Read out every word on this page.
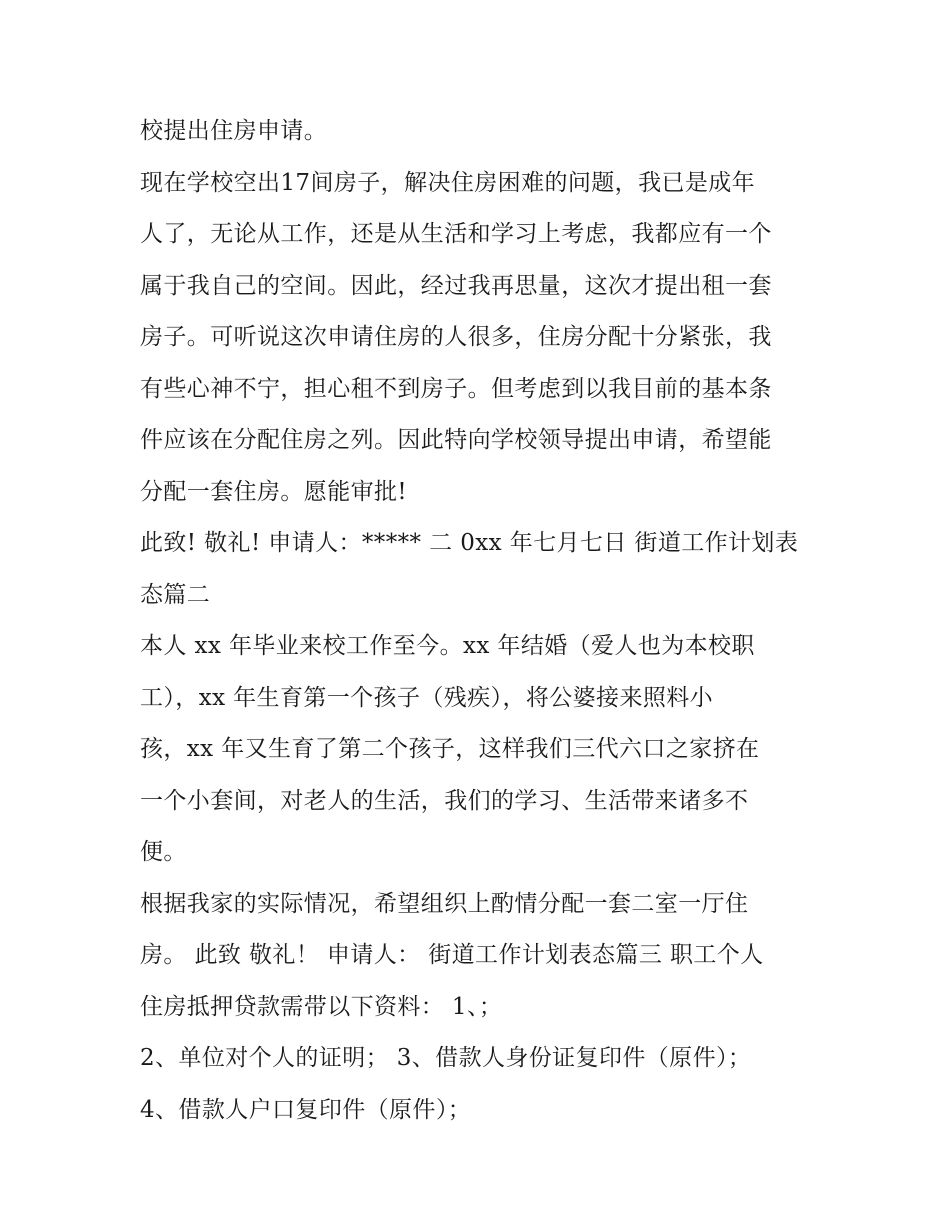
校提出住房申请。
现在学校空出17间房子，解决住房困难的问题，我已是成年
人了，无论从工作，还是从生活和学习上考虑，我都应有一个
属于我自己的空间。因此，经过我再思量，这次才提出租一套
房子。可听说这次申请住房的人很多，住房分配十分紧张，我
有些心神不宁，担心租不到房子。但考虑到以我目前的基本条
件应该在分配住房之列。因此特向学校领导提出申请，希望能
分配一套住房。愿能审批!
此致! 敬礼! 申请人：***** 二 0xx 年七月七日 街道工作计划表
态篇二
本人 xx 年毕业来校工作至今。xx 年结婚（爱人也为本校职
工），xx 年生育第一个孩子（残疾），将公婆接来照料小
孩，xx 年又生育了第二个孩子，这样我们三代六口之家挤在
一个小套间，对老人的生活，我们的学习、生活带来诸多不
便。
根据我家的实际情况，希望组织上酌情分配一套二室一厅住
房。 此致 敬礼！ 申请人： 街道工作计划表态篇三 职工个人
住房抵押贷款需带以下资料： 1、；
2、单位对个人的证明； 3、借款人身份证复印件（原件）；
4、借款人户口复印件（原件）；
